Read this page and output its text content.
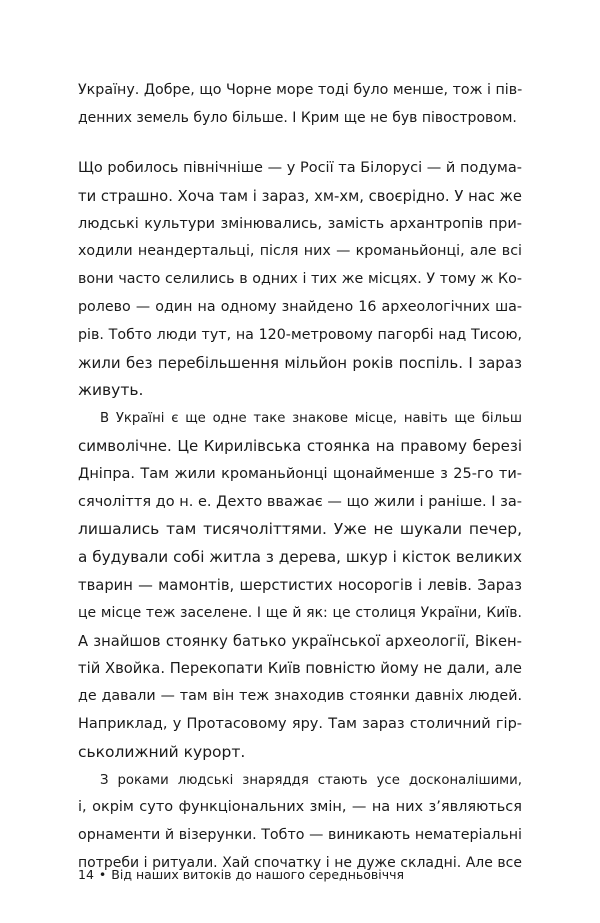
Україну. Добре, що Чорне море тоді було менше, тож і пів-
денних земель було більше. І Крим ще не був півостровом.
Що робилось північніше — у Росії та Білорусі — й подума-
ти страшно. Хоча там і зараз, хм-хм, своєрідно. У нас же
людські культури змінювались, замість архантропів при-
ходили неандертальці, після них — кроманьйонці, але всі
вони часто селились в одних і тих же місцях. У тому ж Ко-
ролево — один на одному знайдено 16 археологічних ша-
рів. Тобто люди тут, на 120-метровому пагорбі над Тисою,
жили без перебільшення мільйон років поспіль. І зараз
живуть.
В Україні є ще одне таке знакове місце, навіть ще більш
символічне. Це Кирилівська стоянка на правому березі
Дніпра. Там жили кроманьйонці щонайменше з 25-го ти-
сячоліття до н. е. Дехто вважає — що жили і раніше. І за-
лишались там тисячоліттями. Уже не шукали печер,
а будували собі житла з дерева, шкур і кісток великих
тварин — мамонтів, шерстистих носорогів і левів. Зараз
це місце теж заселене. І ще й як: це столиця України, Київ.
А знайшов стоянку батько української археології, Вікен-
тій Хвойка. Перекопати Київ повністю йому не дали, але
де давали — там він теж знаходив стоянки давніх людей.
Наприклад, у Протасовому яру. Там зараз столичний гір-
ськолижний курорт.
З роками людські знаряддя стають усе досконалішими,
і, окрім суто функціональних змін, — на них з’являються
орнаменти й візерунки. Тобто — виникають нематеріальні
потреби і ритуали. Хай спочатку і не дуже складні. Але все
14 • Від наших витоків до нашого середньовіччя
